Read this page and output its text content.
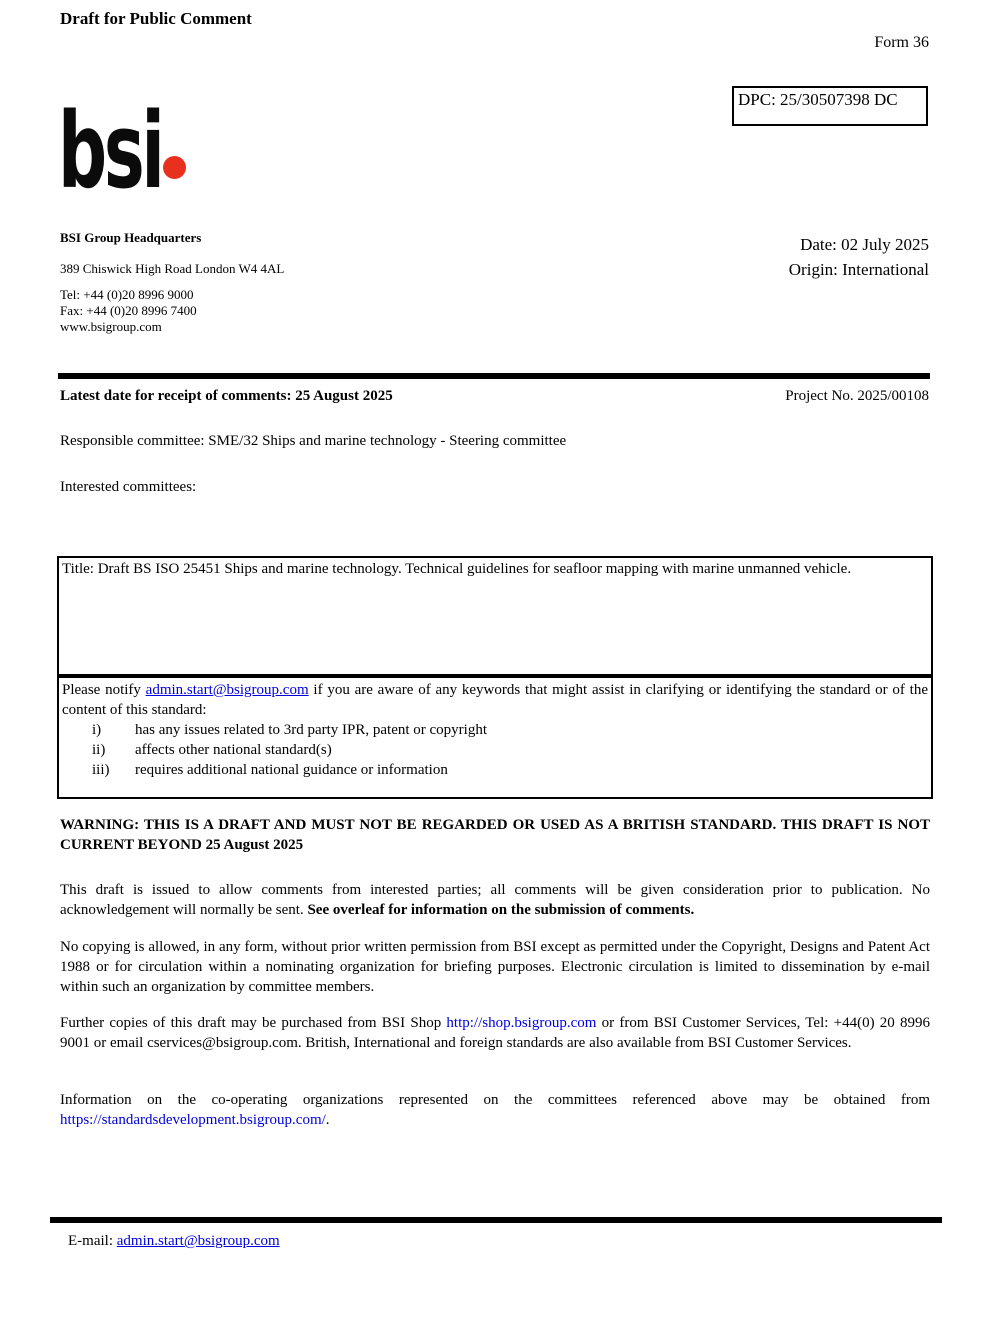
Draft for Public Comment
Form 36
DPC: 25/30507398 DC
bsi
BSI Group Headquarters
389 Chiswick High Road London W4 4AL
Tel: +44 (0)20 8996 9000
Fax: +44 (0)20 8996 7400
www.bsigroup.com
Date: 02 July 2025
Origin: International
Latest date for receipt of comments: 25 August 2025	Project No. 2025/00108
Responsible committee: SME/32 Ships and marine technology - Steering committee
Interested committees:
Title: Draft BS ISO 25451 Ships and marine technology. Technical guidelines for seafloor mapping with marine unmanned vehicle.
Please notify admin.start@bsigroup.com if you are aware of any keywords that might assist in clarifying or identifying the standard or of the content of this standard:
i)	has any issues related to 3rd party IPR, patent or copyright
ii)	affects other national standard(s)
iii)	requires additional national guidance or information
WARNING: THIS IS A DRAFT AND MUST NOT BE REGARDED OR USED AS A BRITISH STANDARD. THIS DRAFT IS NOT CURRENT BEYOND 25 August 2025
This draft is issued to allow comments from interested parties; all comments will be given consideration prior to publication. No acknowledgement will normally be sent. See overleaf for information on the submission of comments.
No copying is allowed, in any form, without prior written permission from BSI except as permitted under the Copyright, Designs and Patent Act 1988 or for circulation within a nominating organization for briefing purposes. Electronic circulation is limited to dissemination by e-mail within such an organization by committee members.
Further copies of this draft may be purchased from BSI Shop http://shop.bsigroup.com or from BSI Customer Services, Tel: +44(0) 20 8996 9001 or email cservices@bsigroup.com. British, International and foreign standards are also available from BSI Customer Services.
Information on the co-operating organizations represented on the committees referenced above may be obtained from https://standardsdevelopment.bsigroup.com/.
E-mail: admin.start@bsigroup.com
